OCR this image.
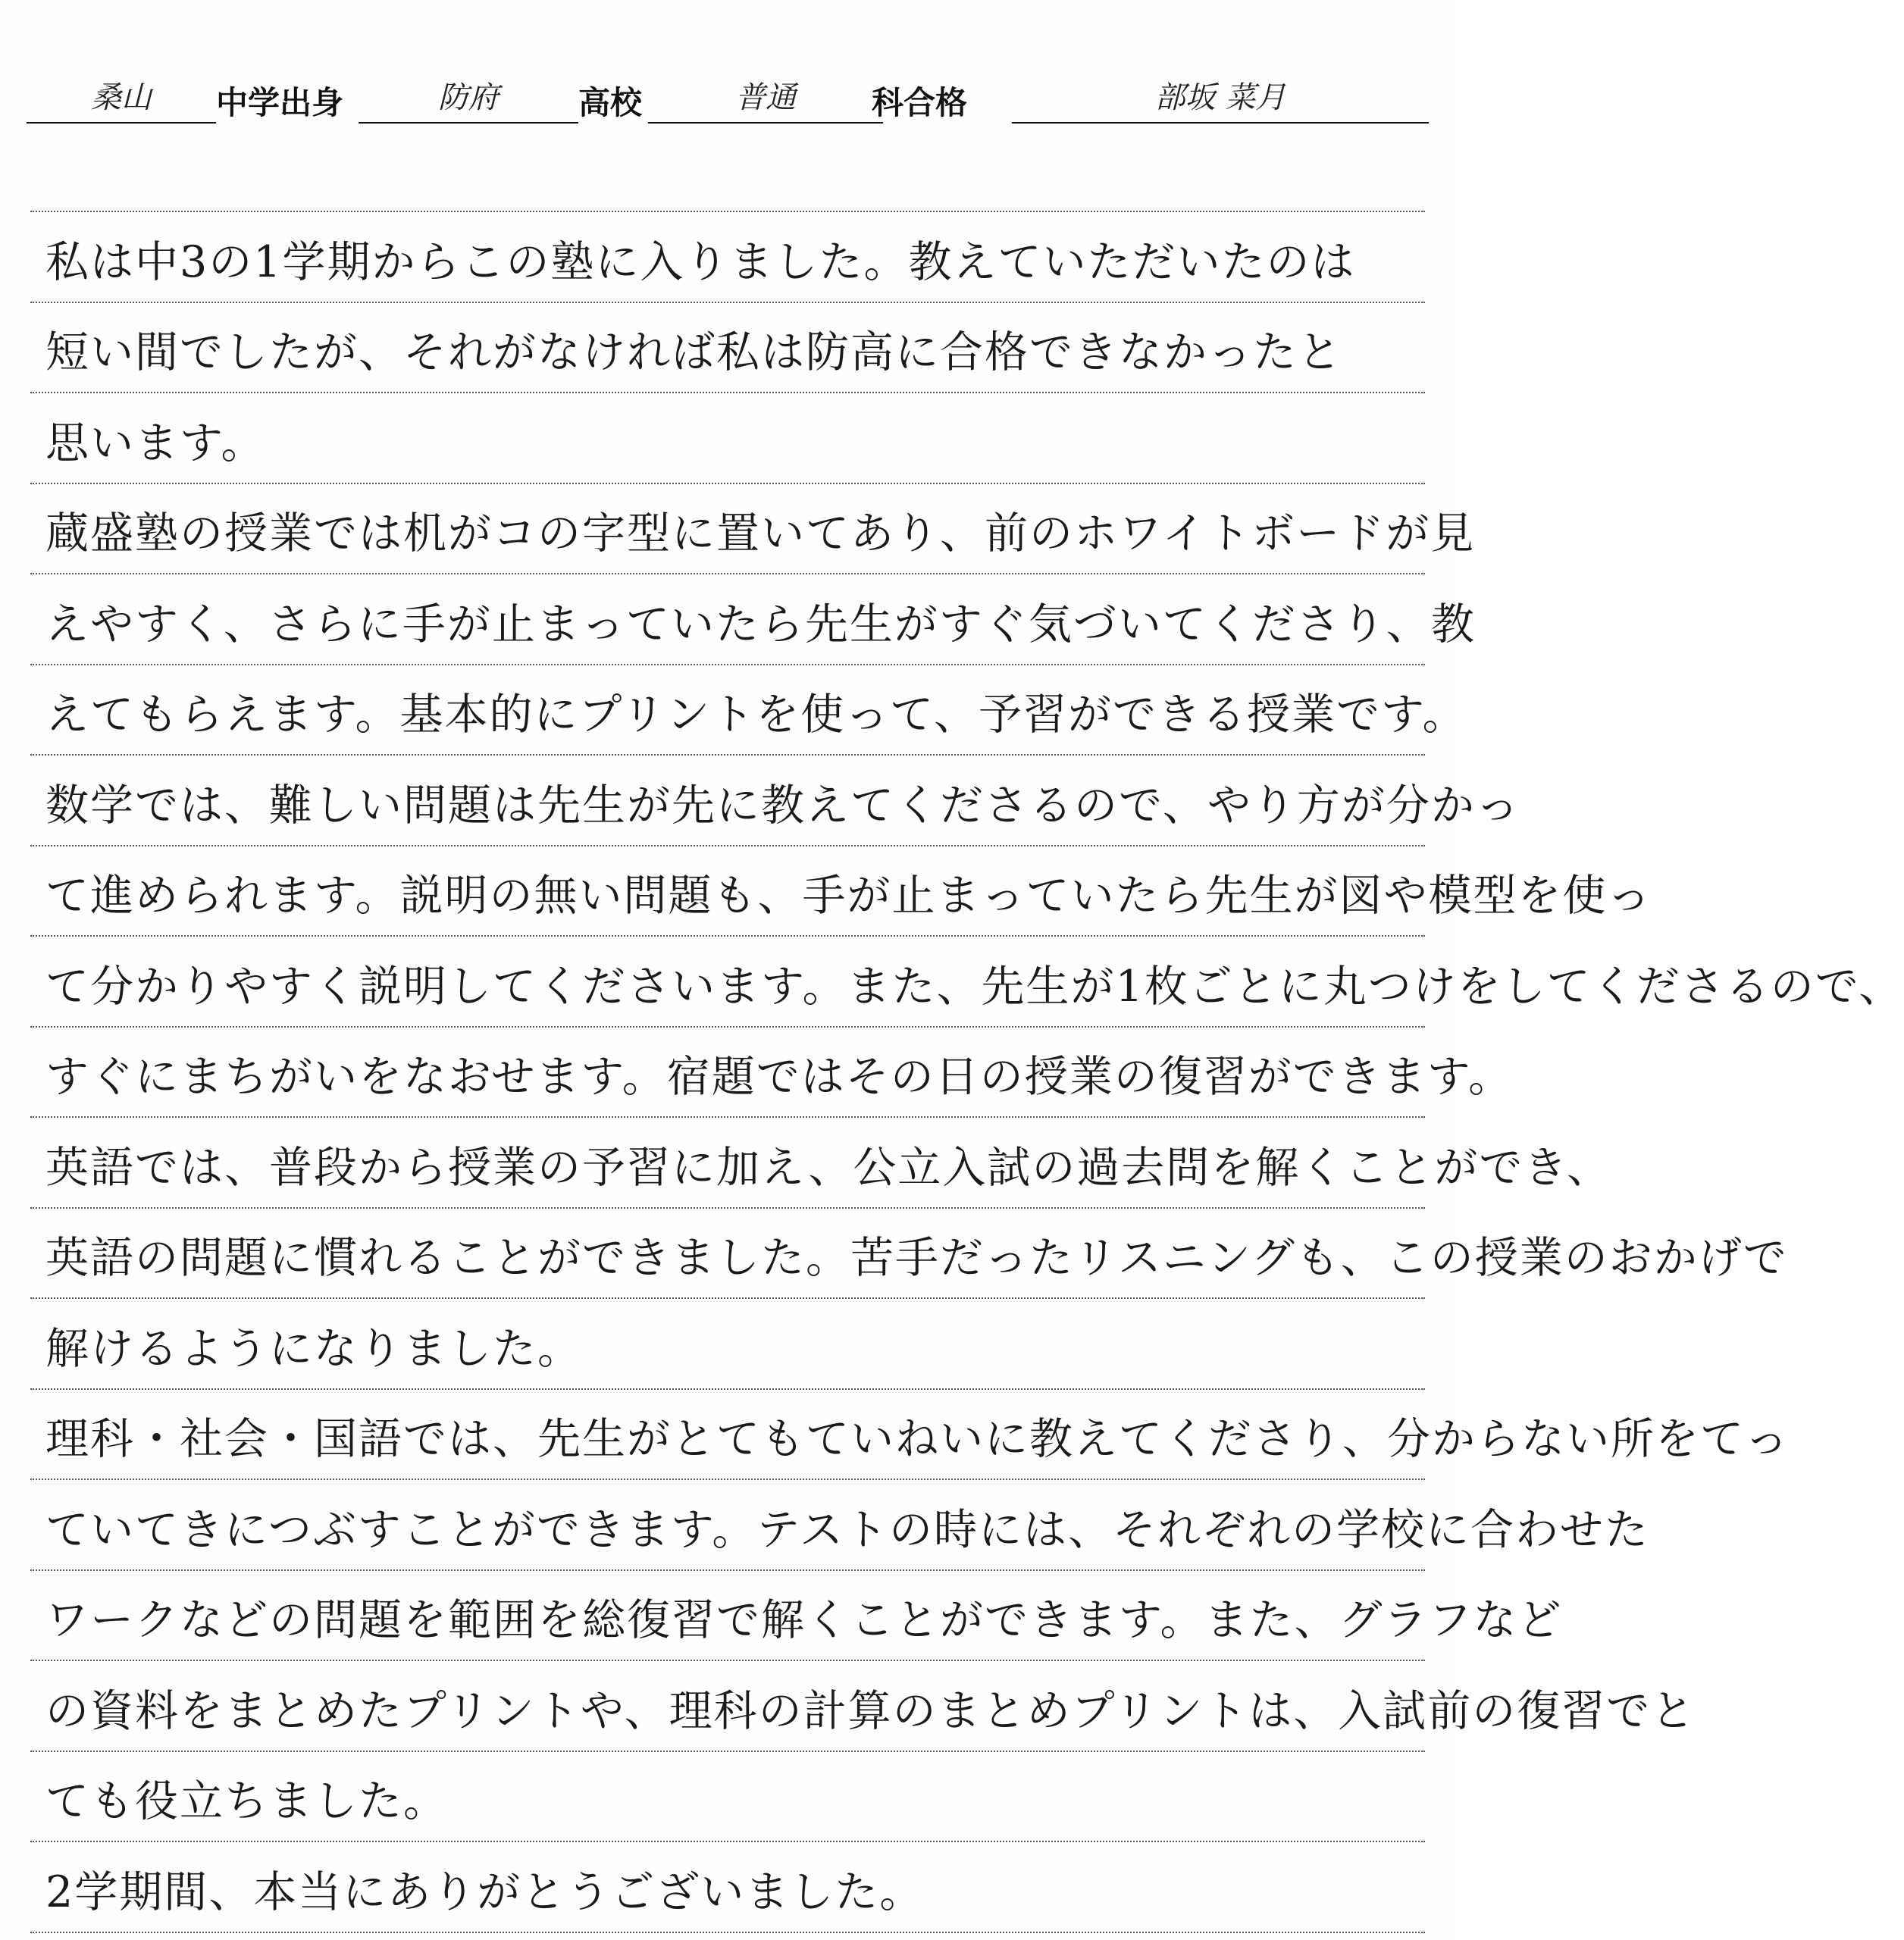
桑山	中学出身	防府	高校	普通	科合格	部坂 菜月
私は中3の1学期からこの塾に入りました。教えていただいたのは
短い間でしたが、それがなければ私は防高に合格できなかったと
思います。
蔵盛塾の授業では机がコの字型に置いてあり、前のホワイトボードが見
えやすく、さらに手が止まっていたら先生がすぐ気づいてくださり、教
えてもらえます。基本的にプリントを使って、予習ができる授業です。
数学では、難しい問題は先生が先に教えてくださるので、やり方が分かっ
て進められます。説明の無い問題も、手が止まっていたら先生が図や模型を使っ
て分かりやすく説明してくださいます。また、先生が1枚ごとに丸つけをしてくださるので、
すぐにまちがいをなおせます。宿題ではその日の授業の復習ができます。
英語では、普段から授業の予習に加え、公立入試の過去問を解くことができ、
英語の問題に慣れることができました。苦手だったリスニングも、この授業のおかげで
解けるようになりました。
理科・社会・国語では、先生がとてもていねいに教えてくださり、分からない所をてっ
ていてきにつぶすことができます。テストの時には、それぞれの学校に合わせた
ワークなどの問題を範囲を総復習で解くことができます。また、グラフなど
の資料をまとめたプリントや、理科の計算のまとめプリントは、入試前の復習でと
ても役立ちました。
2学期間、本当にありがとうございました。
